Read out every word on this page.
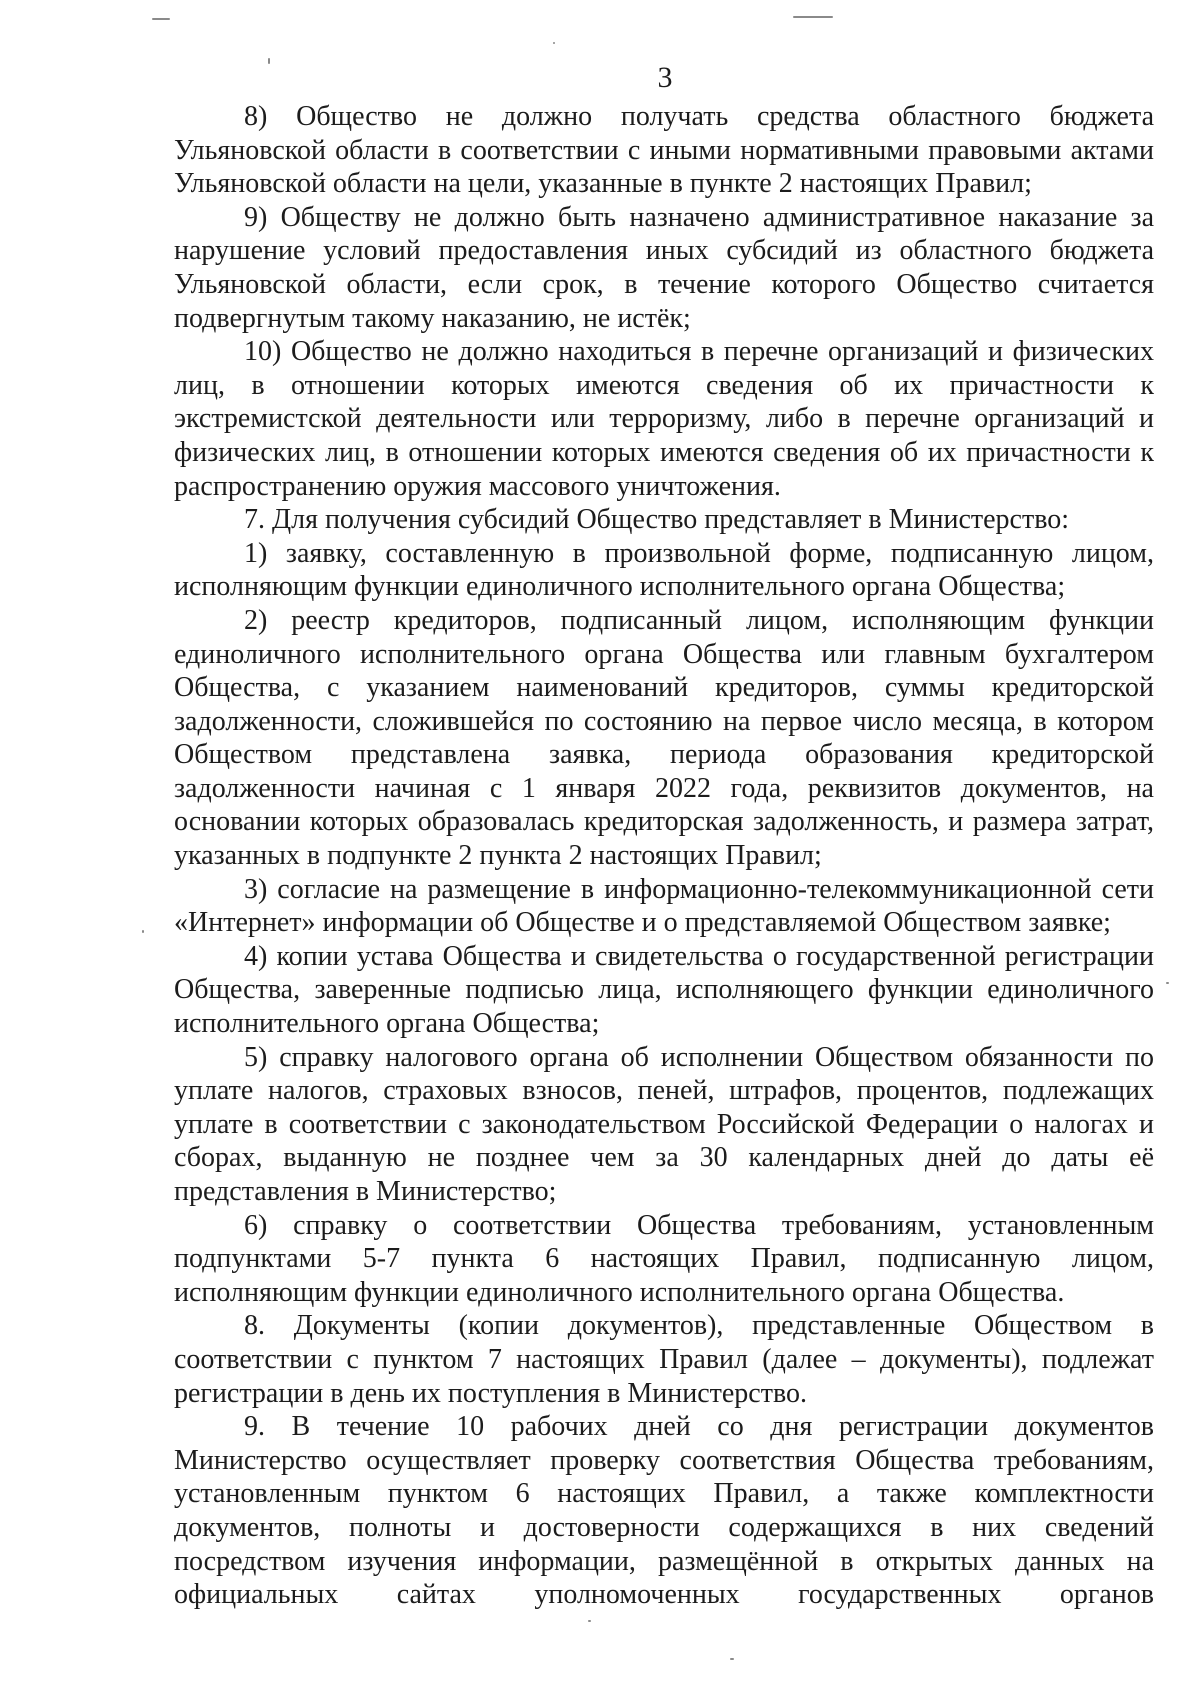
3

8) Общество не должно получать средства областного бюджета Ульяновской области в соответствии с иными нормативными правовыми актами Ульяновской области на цели, указанные в пункте 2 настоящих Правил;

9) Обществу не должно быть назначено административное наказание за нарушение условий предоставления иных субсидий из областного бюджета Ульяновской области, если срок, в течение которого Общество считается подвергнутым такому наказанию, не истёк;

10) Общество не должно находиться в перечне организаций и физических лиц, в отношении которых имеются сведения об их причастности к экстремистской деятельности или терроризму, либо в перечне организаций и физических лиц, в отношении которых имеются сведения об их причастности к распространению оружия массового уничтожения.

7. Для получения субсидий Общество представляет в Министерство:

1) заявку, составленную в произвольной форме, подписанную лицом, исполняющим функции единоличного исполнительного органа Общества;

2) реестр кредиторов, подписанный лицом, исполняющим функции единоличного исполнительного органа Общества или главным бухгалтером Общества, с указанием наименований кредиторов, суммы кредиторской задолженности, сложившейся по состоянию на первое число месяца, в котором Обществом представлена заявка, периода образования кредиторской задолженности начиная с 1 января 2022 года, реквизитов документов, на основании которых образовалась кредиторская задолженность, и размера затрат, указанных в подпункте 2 пункта 2 настоящих Правил;

3) согласие на размещение в информационно-телекоммуникационной сети «Интернет» информации об Обществе и о представляемой Обществом заявке;

4) копии устава Общества и свидетельства о государственной регистрации Общества, заверенные подписью лица, исполняющего функции единоличного исполнительного органа Общества;

5) справку налогового органа об исполнении Обществом обязанности по уплате налогов, страховых взносов, пеней, штрафов, процентов, подлежащих уплате в соответствии с законодательством Российской Федерации о налогах и сборах, выданную не позднее чем за 30 календарных дней до даты её представления в Министерство;

6) справку о соответствии Общества требованиям, установленным подпунктами 5-7 пункта 6 настоящих Правил, подписанную лицом, исполняющим функции единоличного исполнительного органа Общества.

8. Документы (копии документов), представленные Обществом в соответствии с пунктом 7 настоящих Правил (далее – документы), подлежат регистрации в день их поступления в Министерство.

9. В течение 10 рабочих дней со дня регистрации документов Министерство осуществляет проверку соответствия Общества требованиям, установленным пунктом 6 настоящих Правил, а также комплектности документов, полноты и достоверности содержащихся в них сведений посредством изучения информации, размещённой в открытых данных на официальных сайтах уполномоченных государственных органов
